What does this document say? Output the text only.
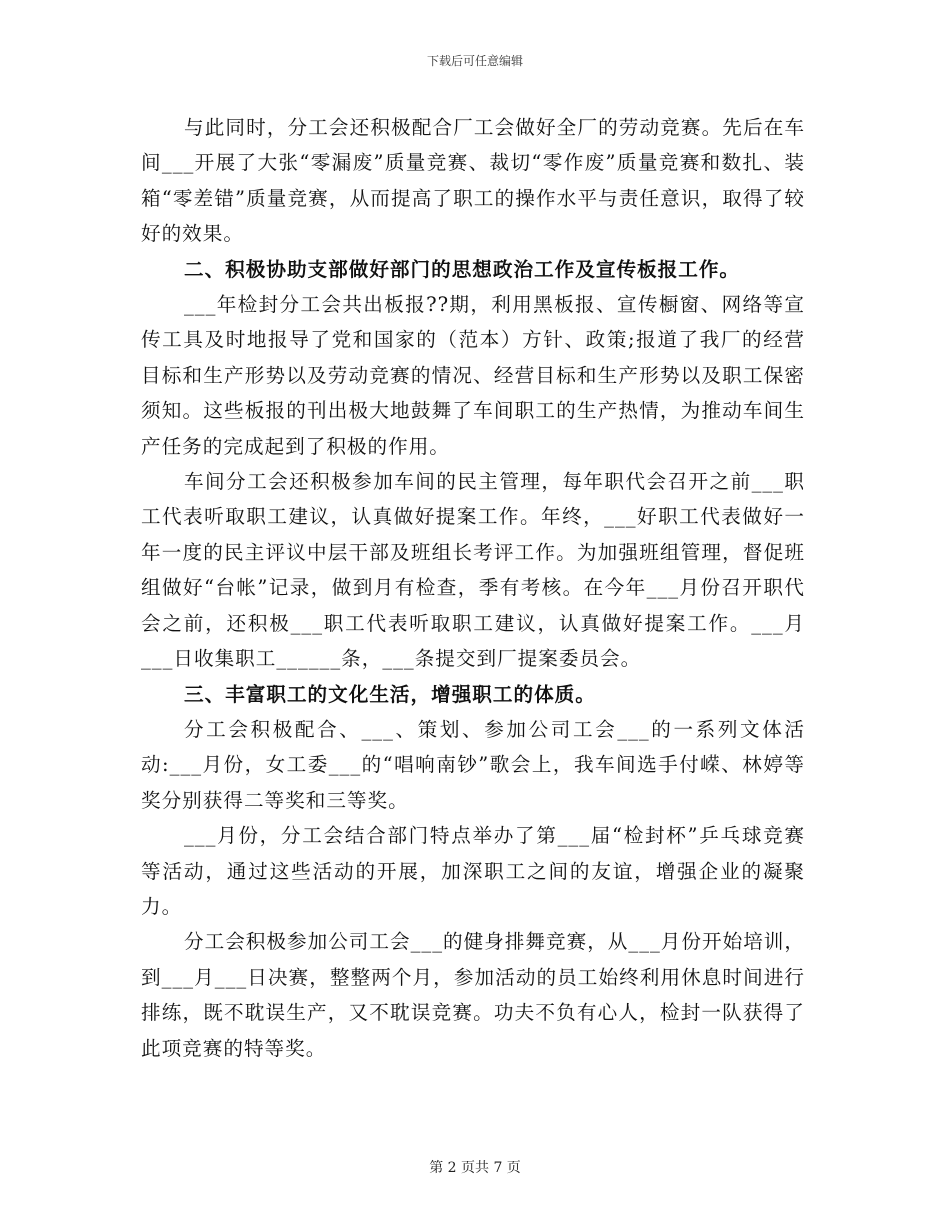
下载后可任意编辑

与此同时，分工会还积极配合厂工会做好全厂的劳动竞赛。先后在车间___开展了大张“零漏废”质量竞赛、裁切“零作废”质量竞赛和数扎、装箱“零差错”质量竞赛，从而提高了职工的操作水平与责任意识，取得了较好的效果。

二、积极协助支部做好部门的思想政治工作及宣传板报工作。

___年检封分工会共出板报??期，利用黑板报、宣传橱窗、网络等宣传工具及时地报导了党和国家的（范本）方针、政策;报道了我厂的经营目标和生产形势以及劳动竞赛的情况、经营目标和生产形势以及职工保密须知。这些板报的刊出极大地鼓舞了车间职工的生产热情，为推动车间生产任务的完成起到了积极的作用。

车间分工会还积极参加车间的民主管理，每年职代会召开之前___职工代表听取职工建议，认真做好提案工作。年终，___好职工代表做好一年一度的民主评议中层干部及班组长考评工作。为加强班组管理，督促班组做好“台帐”记录，做到月有检查，季有考核。在今年___月份召开职代会之前，还积极___职工代表听取职工建议，认真做好提案工作。___月___日收集职工______条，___条提交到厂提案委员会。

三、丰富职工的文化生活，增强职工的体质。

分工会积极配合、___、策划、参加公司工会___的一系列文体活动:___月份，女工委___的“唱响南钞”歌会上，我车间选手付嵘、林婷等奖分别获得二等奖和三等奖。

___月份，分工会结合部门特点举办了第___届“检封杯”乒乓球竞赛等活动，通过这些活动的开展，加深职工之间的友谊，增强企业的凝聚力。

分工会积极参加公司工会___的健身排舞竞赛，从___月份开始培训，到___月___日决赛，整整两个月，参加活动的员工始终利用休息时间进行排练，既不耽误生产，又不耽误竞赛。功夫不负有心人，检封一队获得了此项竞赛的特等奖。

第 2 页共 7 页
